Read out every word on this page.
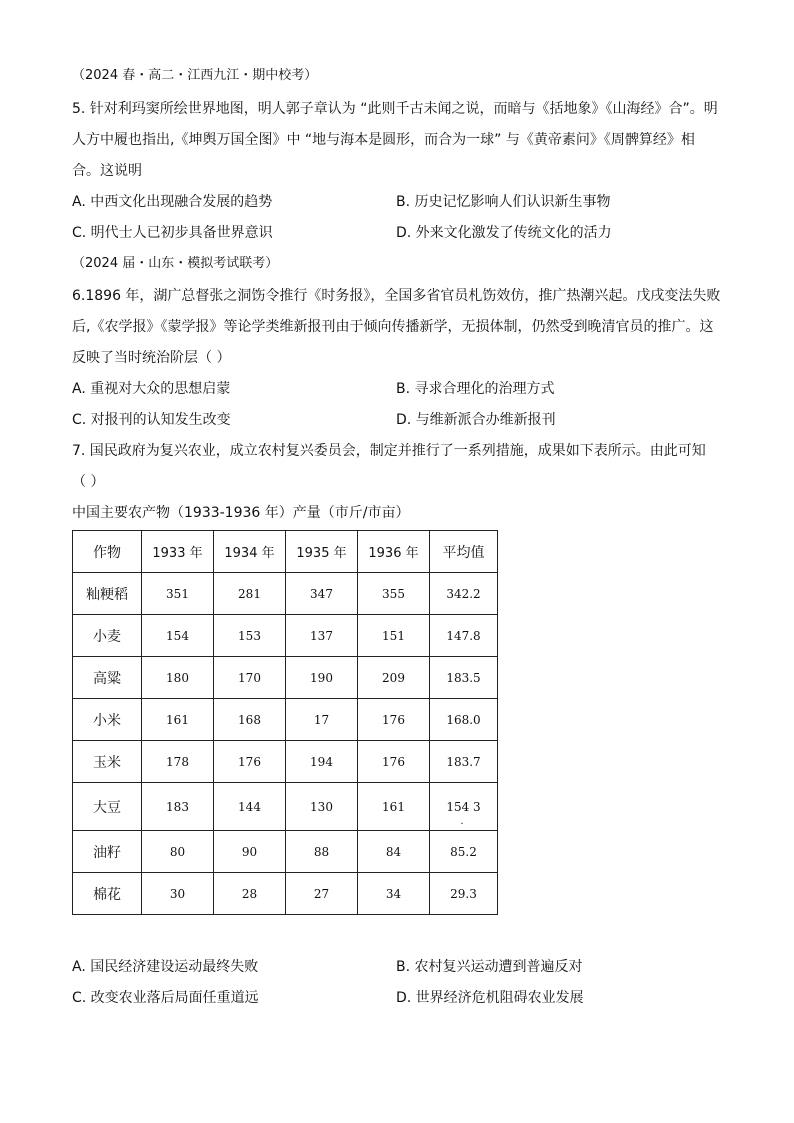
（2024 春・高二・江西九江・期中校考）
5. 针对利玛窦所绘世界地图，明人郭子章认为 “此则千古未闻之说，而暗与《括地象》《山海经》合”。明
人方中履也指出,《坤舆万国全图》中 “地与海本是圆形，而合为一球” 与《黄帝素问》《周髀算经》相
合。这说明
A. 中西文化出现融合发展的趋势	B. 历史记忆影响人们认识新生事物
C. 明代士人已初步具备世界意识	D. 外来文化激发了传统文化的活力
（2024 届・山东・模拟考试联考）
6.1896 年，湖广总督张之洞饬令推行《时务报》，全国多省官员札饬效仿，推广热潮兴起。戊戌变法失败
后,《农学报》《蒙学报》等论学类维新报刊由于倾向传播新学，无损体制，仍然受到晚清官员的推广。这
反映了当时统治阶层（ ）
A. 重视对大众的思想启蒙	B. 寻求合理化的治理方式
C. 对报刊的认知发生改变	D. 与维新派合办维新报刊
7. 国民政府为复兴农业，成立农村复兴委员会，制定并推行了一系列措施，成果如下表所示。由此可知
（ ）
中国主要农产物（1933-1936 年）产量（市斤/市亩）
作物	1933 年	1934 年	1935 年	1936 年	平均值
籼粳稻	351	281	347	355	342.2
小麦	154	153	137	151	147.8
高粱	180	170	190	209	183.5
小米	161	168	17	176	168.0
玉米	178	176	194	176	183.7
大豆	183	144	130	161	154 3
.

油籽	80	90	88	84	85.2
棉花	30	28	27	34	29.3
A. 国民经济建设运动最终失败	B. 农村复兴运动遭到普遍反对
C. 改变农业落后局面任重道远	D. 世界经济危机阻碍农业发展
